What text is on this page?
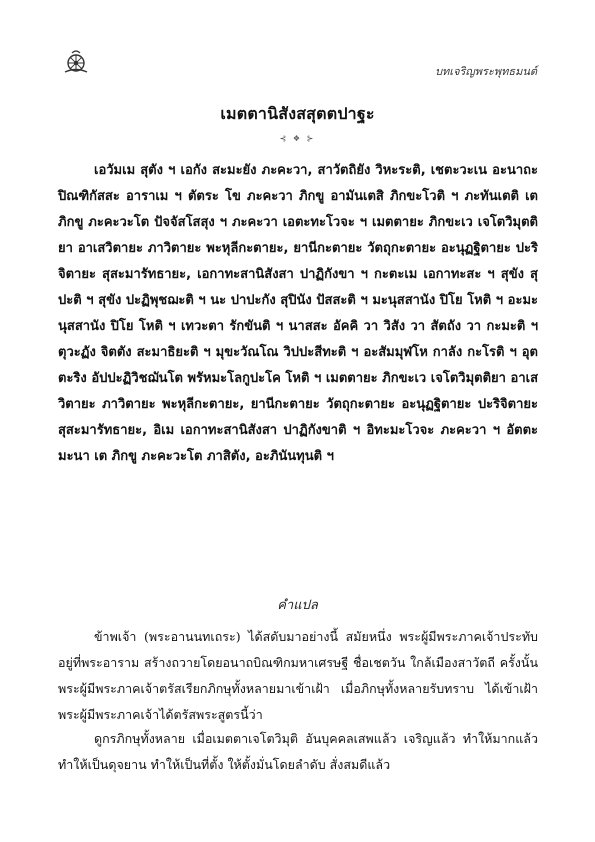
บทเจริญพระพุทธมนต์
เมตตานิสังสสุตตปาฐะ
⊰ ❖ ⊱

เอวัมเม สุตัง ฯ เอกัง สะมะยัง ภะคะวา, สาวัตถิยัง วิหะระติ, เชตะวะเน อะนาถะปิณฑิกัสสะ อาราเม ฯ ตัตระ โข ภะคะวา ภิกขู อามันเตสิ ภิกขะโวติ ฯ ภะทันเตติ เต ภิกขู ภะคะวะโต ปัจจัสโสสุง ฯ ภะคะวา เอตะทะโวจะ ฯ เมตตายะ ภิกขะเว เจโตวิมุตติยา อาเสวิตายะ ภาวิตายะ พะหุลีกะตายะ, ยานีกะตายะ วัตถุกะตายะ อะนุฏฐิตายะ ปะริจิตายะ สุสะมารัทธายะ, เอกาทะสานิสังสา ปาฏิกังขา ฯ กะตะเม เอกาทะสะ ฯ สุขัง สุปะติ ฯ สุขัง ปะฏิพุชฌะติ ฯ นะ ปาปะกัง สุปินัง ปัสสะติ ฯ มะนุสสานัง ปิโย โหติ ฯ อะมะนุสสานัง ปิโย โหติ ฯ เทวะตา รักขันติ ฯ นาสสะ อัคคิ วา วิสัง วา สัตถัง วา กะมะติ ฯ ตุวะฏัง จิตตัง สะมาธิยะติ ฯ มุขะวัณโณ วิปปะสีทะติ ฯ อะสัมมุฬโห กาลัง กะโรติ ฯ อุตตะริง อัปปะฏิวิชฌันโต พรัหมะโลกูปะโค โหติ ฯ เมตตายะ ภิกขะเว เจโตวิมุตติยา อาเสวิตายะ ภาวิตายะ พะหุลีกะตายะ, ยานีกะตายะ วัตถุกะตายะ อะนุฏฐิตายะ ปะริจิตายะ สุสะมารัทธายะ, อิเม เอกาทะสานิสังสา ปาฏิกังขาติ ฯ อิทะมะโวจะ ภะคะวา ฯ อัตตะมะนา เต ภิกขู ภะคะวะโต ภาสิตัง, อะภินันทุนติ ฯ

คำแปล

ข้าพเจ้า (พระอานนทเถระ) ได้สดับมาอย่างนี้ สมัยหนึ่ง พระผู้มีพระภาคเจ้าประทับอยู่ที่พระอาราม สร้างถวายโดยอนาถบิณฑิกมหาเศรษฐี ชื่อเชตวัน ใกล้เมืองสาวัตถี ครั้งนั้น พระผู้มีพระภาคเจ้าตรัสเรียกภิกษุทั้งหลายมาเข้าเฝ้า เมื่อภิกษุทั้งหลายรับทราบ ได้เข้าเฝ้า พระผู้มีพระภาคเจ้าได้ตรัสพระสูตรนี้ว่า

ดูกรภิกษุทั้งหลาย เมื่อเมตตาเจโตวิมุติ อันบุคคลเสพแล้ว เจริญแล้ว ทำให้มากแล้ว ทำให้เป็นดุจยาน ทำให้เป็นที่ตั้ง ให้ตั้งมั่นโดยลำดับ สั่งสมดีแล้ว
